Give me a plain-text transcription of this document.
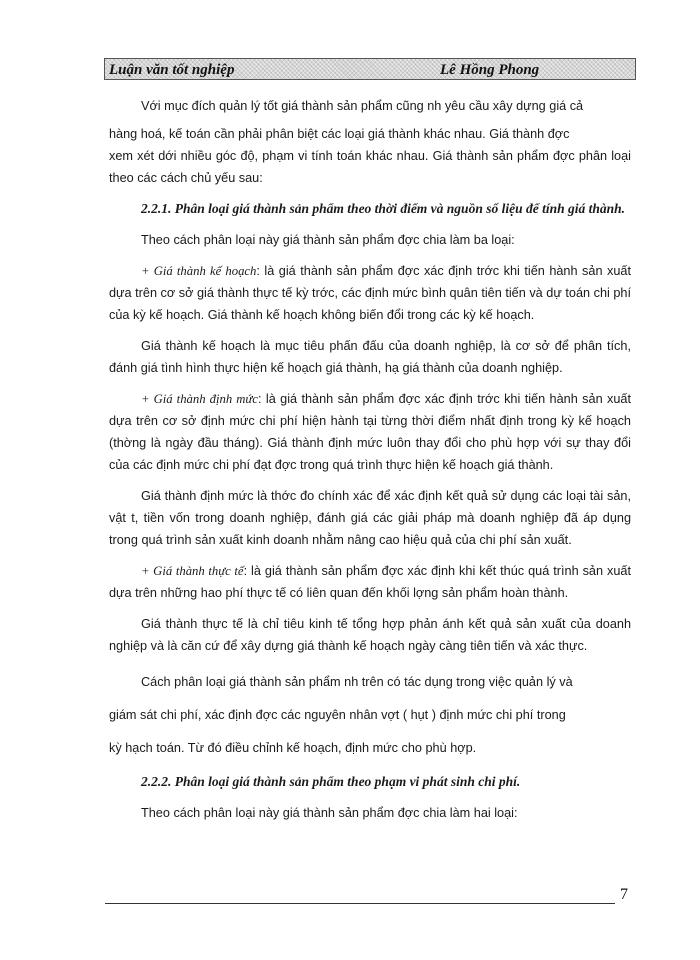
Luận văn tốt nghiệp	Lê Hồng Phong

Với mục đích quản lý tốt giá thành sản phẩm cũng nh yêu cầu xây dựng giá cả

hàng hoá, kế toán cần phải phân biệt các loại giá thành khác nhau. Giá thành đợc

xem xét dới nhiều góc độ, phạm vi tính toán khác nhau. Giá thành sản phẩm đợc phân loại theo các cách chủ yếu sau:

2.2.1. Phân loại giá thành sản phẩm theo thời điểm và nguồn số liệu để tính giá thành.

Theo cách phân loại này giá thành sản phẩm đợc chia làm ba loại:

+ Giá thành kế hoạch: là giá thành sản phẩm đợc xác định trớc khi tiến hành sản xuất dựa trên cơ sở giá thành thực tế kỳ trớc, các định mức bình quân tiên tiến và dự toán chi phí của kỳ kế hoạch. Giá thành kế hoạch không biến đổi trong các kỳ kế hoạch.

Giá thành kế hoạch là mục tiêu phấn đấu của doanh nghiệp, là cơ sở để phân tích, đánh giá tình hình thực hiện kế hoạch giá thành, hạ giá thành của doanh nghiệp.

+ Giá thành định mức: là giá thành sản phẩm đợc xác định trớc khi tiến hành sản xuất dựa trên cơ sở định mức chi phí hiện hành tại từng thời điểm nhất định trong kỳ kế hoạch (thờng là ngày đầu tháng). Giá thành định mức luôn thay đổi cho phù hợp với sự thay đổi của các định mức chi phí đạt đợc trong quá trình thực hiện kế hoạch giá thành.

Giá thành định mức là thớc đo chính xác để xác định kết quả sử dụng các loại tài sản, vật t, tiền vốn trong doanh nghiệp, đánh giá các giải pháp mà doanh nghiệp đã áp dụng trong quá trình sản xuất kinh doanh nhằm nâng cao hiệu quả của chi phí sản xuất.

+ Giá thành thực tế: là giá thành sản phẩm đợc xác định khi kết thúc quá trình sản xuất dựa trên những hao phí thực tế có liên quan đến khối lợng sản phẩm hoàn thành.

Giá thành thực tế là chỉ tiêu kinh tế tổng hợp phản ánh kết quả sản xuất của doanh nghiệp và là căn cứ để xây dựng giá thành kế hoạch ngày càng tiên tiến và xác thực.

Cách phân loại giá thành sản phẩm nh trên có tác dụng trong việc quản lý và

giám sát chi phí, xác định đợc các nguyên nhân vợt ( hụt ) định mức chi phí trong

kỳ hạch toán. Từ đó điều chỉnh kế hoạch, định mức cho phù hợp.

2.2.2. Phân loại giá thành sản phẩm theo phạm vi phát sinh chi phí.

Theo cách phân loại này giá thành sản phẩm đợc chia làm hai loại:

7
